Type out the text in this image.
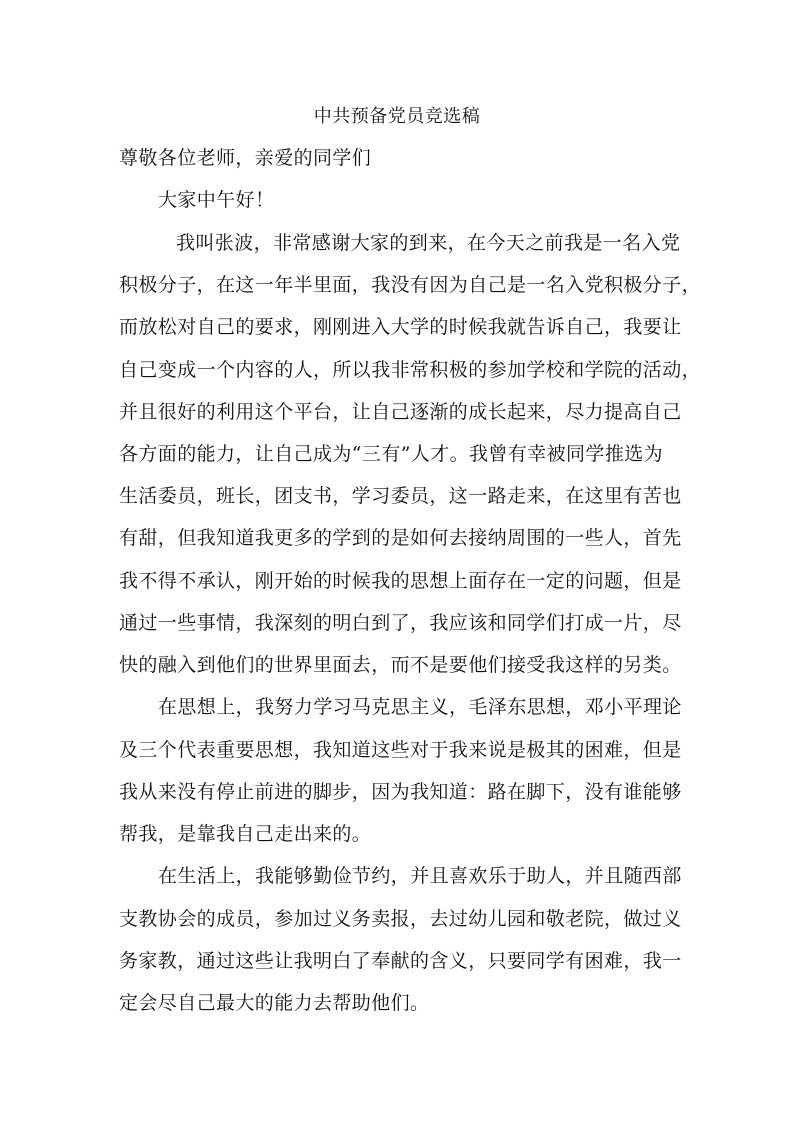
中共预备党员竞选稿
尊敬各位老师，亲爱的同学们
大家中午好！
我叫张波，非常感谢大家的到来，在今天之前我是一名入党
积极分子，在这一年半里面，我没有因为自己是一名入党积极分子，
而放松对自己的要求，刚刚进入大学的时候我就告诉自己，我要让
自己变成一个内容的人，所以我非常积极的参加学校和学院的活动，
并且很好的利用这个平台，让自己逐渐的成长起来，尽力提高自己
各方面的能力，让自己成为“三有”人才。我曾有幸被同学推选为
生活委员，班长，团支书，学习委员，这一路走来，在这里有苦也
有甜，但我知道我更多的学到的是如何去接纳周围的一些人，首先
我不得不承认，刚开始的时候我的思想上面存在一定的问题，但是
通过一些事情，我深刻的明白到了，我应该和同学们打成一片，尽
快的融入到他们的世界里面去，而不是要他们接受我这样的另类。
在思想上，我努力学习马克思主义，毛泽东思想，邓小平理论
及三个代表重要思想，我知道这些对于我来说是极其的困难，但是
我从来没有停止前进的脚步，因为我知道：路在脚下，没有谁能够
帮我，是靠我自己走出来的。
在生活上，我能够勤俭节约，并且喜欢乐于助人，并且随西部
支教协会的成员，参加过义务卖报，去过幼儿园和敬老院，做过义
务家教，通过这些让我明白了奉献的含义，只要同学有困难，我一
定会尽自己最大的能力去帮助他们。
